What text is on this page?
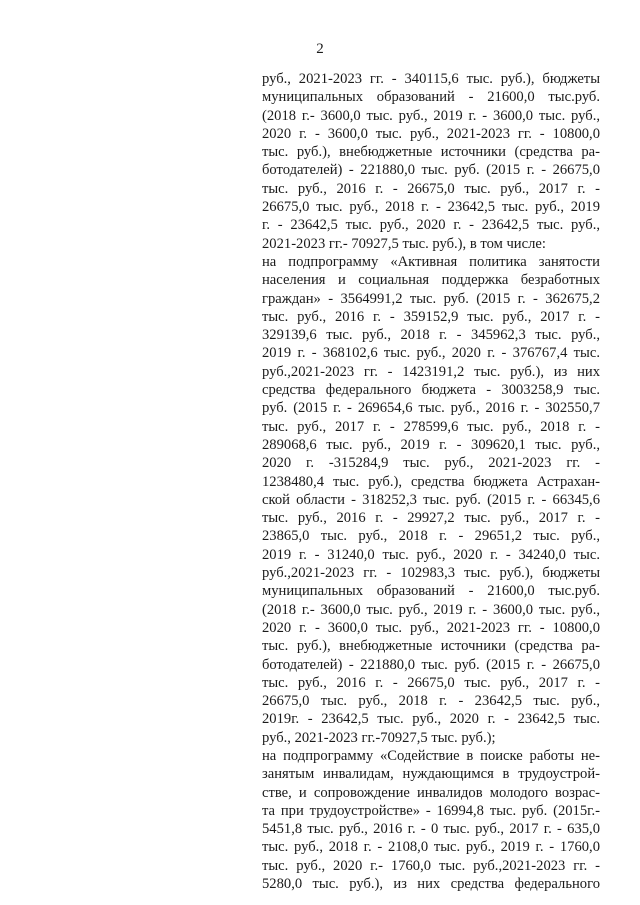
2
руб., 2021-2023 гг. - 340115,6 тыс. руб.), бюджеты
муниципальных образований - 21600,0 тыс.руб.
(2018 г.- 3600,0 тыс. руб., 2019 г. - 3600,0 тыс. руб.,
2020 г. - 3600,0 тыс. руб., 2021-2023 гг. - 10800,0
тыс. руб.), внебюджетные источники (средства ра-
ботодателей) - 221880,0 тыс. руб. (2015 г. - 26675,0
тыс. руб., 2016 г. - 26675,0 тыс. руб., 2017 г. -
26675,0 тыс. руб., 2018 г. - 23642,5 тыс. руб., 2019
г. - 23642,5 тыс. руб., 2020 г. - 23642,5 тыс. руб.,
2021-2023 гг.- 70927,5 тыс. руб.), в том числе:
на подпрограмму «Активная политика занятости
населения и социальная поддержка безработных
граждан» - 3564991,2 тыс. руб. (2015 г. - 362675,2
тыс. руб., 2016 г. - 359152,9 тыс. руб., 2017 г. -
329139,6 тыс. руб., 2018 г. - 345962,3 тыс. руб.,
2019 г. - 368102,6 тыс. руб., 2020 г. - 376767,4 тыс.
руб.,2021-2023 гг. - 1423191,2 тыс. руб.), из них
средства федерального бюджета - 3003258,9 тыс.
руб. (2015 г. - 269654,6 тыс. руб., 2016 г. - 302550,7
тыс. руб., 2017 г. - 278599,6 тыс. руб., 2018 г. -
289068,6 тыс. руб., 2019 г. - 309620,1 тыс. руб.,
2020 г. -315284,9 тыс. руб., 2021-2023 гг. -
1238480,4 тыс. руб.), средства бюджета Астрахан-
ской области - 318252,3 тыс. руб. (2015 г. - 66345,6
тыс. руб., 2016 г. - 29927,2 тыс. руб., 2017 г. -
23865,0 тыс. руб., 2018 г. - 29651,2 тыс. руб.,
2019 г. - 31240,0 тыс. руб., 2020 г. - 34240,0 тыс.
руб.,2021-2023 гг. - 102983,3 тыс. руб.), бюджеты
муниципальных образований - 21600,0 тыс.руб.
(2018 г.- 3600,0 тыс. руб., 2019 г. - 3600,0 тыс. руб.,
2020 г. - 3600,0 тыс. руб., 2021-2023 гг. - 10800,0
тыс. руб.), внебюджетные источники (средства ра-
ботодателей) - 221880,0 тыс. руб. (2015 г. - 26675,0
тыс. руб., 2016 г. - 26675,0 тыс. руб., 2017 г. -
26675,0 тыс. руб., 2018 г. - 23642,5 тыс. руб.,
2019г. - 23642,5 тыс. руб., 2020 г. - 23642,5 тыс.
руб., 2021-2023 гг.-70927,5 тыс. руб.);
на подпрограмму «Содействие в поиске работы не-
занятым инвалидам, нуждающимся в трудоустрой-
стве, и сопровождение инвалидов молодого возрас-
та при трудоустройстве» - 16994,8 тыс. руб. (2015г.-
5451,8 тыс. руб., 2016 г. - 0 тыс. руб., 2017 г. - 635,0
тыс. руб., 2018 г. - 2108,0 тыс. руб., 2019 г. - 1760,0
тыс. руб., 2020 г.- 1760,0 тыс. руб.,2021-2023 гг. -
5280,0 тыс. руб.), из них средства федерального
